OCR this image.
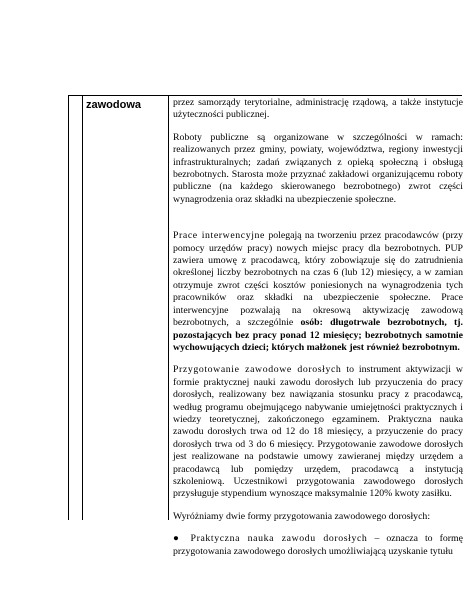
zawodowa	przez samorządy terytorialne, administrację rządową, a także instytucje użyteczności publicznej.

Roboty publiczne są organizowane w szczególności w ramach: realizowanych przez gminy, powiaty, województwa, regiony inwestycji infrastrukturalnych; zadań związanych z opieką społeczną i obsługą bezrobotnych. Starosta może przyznać zakładowi organizującemu roboty publiczne (na każdego skierowanego bezrobotnego) zwrot części wynagrodzenia oraz składki na ubezpieczenie społeczne.

Prace interwencyjne polegają na tworzeniu przez pracodawców (przy pomocy urzędów pracy) nowych miejsc pracy dla bezrobotnych. PUP zawiera umowę z pracodawcą, który zobowiązuje się do zatrudnienia określonej liczby bezrobotnych na czas 6 (lub 12) miesięcy, a w zamian otrzymuje zwrot części kosztów poniesionych na wynagrodzenia tych pracowników oraz składki na ubezpieczenie społeczne. Prace interwencyjne pozwalają na okresową aktywizację zawodową bezrobotnych, a szczególnie osób: długotrwale bezrobotnych, tj. pozostających bez pracy ponad 12 miesięcy; bezrobotnych samotnie wychowujących dzieci; których małżonek jest również bezrobotnym.

Przygotowanie zawodowe dorosłych to instrument aktywizacji w formie praktycznej nauki zawodu dorosłych lub przyuczenia do pracy dorosłych, realizowany bez nawiązania stosunku pracy z pracodawcą, według programu obejmującego nabywanie umiejętności praktycznych i wiedzy teoretycznej, zakończonego egzaminem. Praktyczna nauka zawodu dorosłych trwa od 12 do 18 miesięcy, a przyuczenie do pracy dorosłych trwa od 3 do 6 miesięcy. Przygotowanie zawodowe dorosłych jest realizowane na podstawie umowy zawieranej między urzędem a pracodawcą lub pomiędzy urzędem, pracodawcą a instytucją szkoleniową. Uczestnikowi przygotowania zawodowego dorosłych przysługuje stypendium wynoszące maksymalnie 120% kwoty zasiłku.

Wyróżniamy dwie formy przygotowania zawodowego dorosłych:

● Praktyczna nauka zawodu dorosłych – oznacza to formę przygotowania zawodowego dorosłych umożliwiającą uzyskanie tytułu
